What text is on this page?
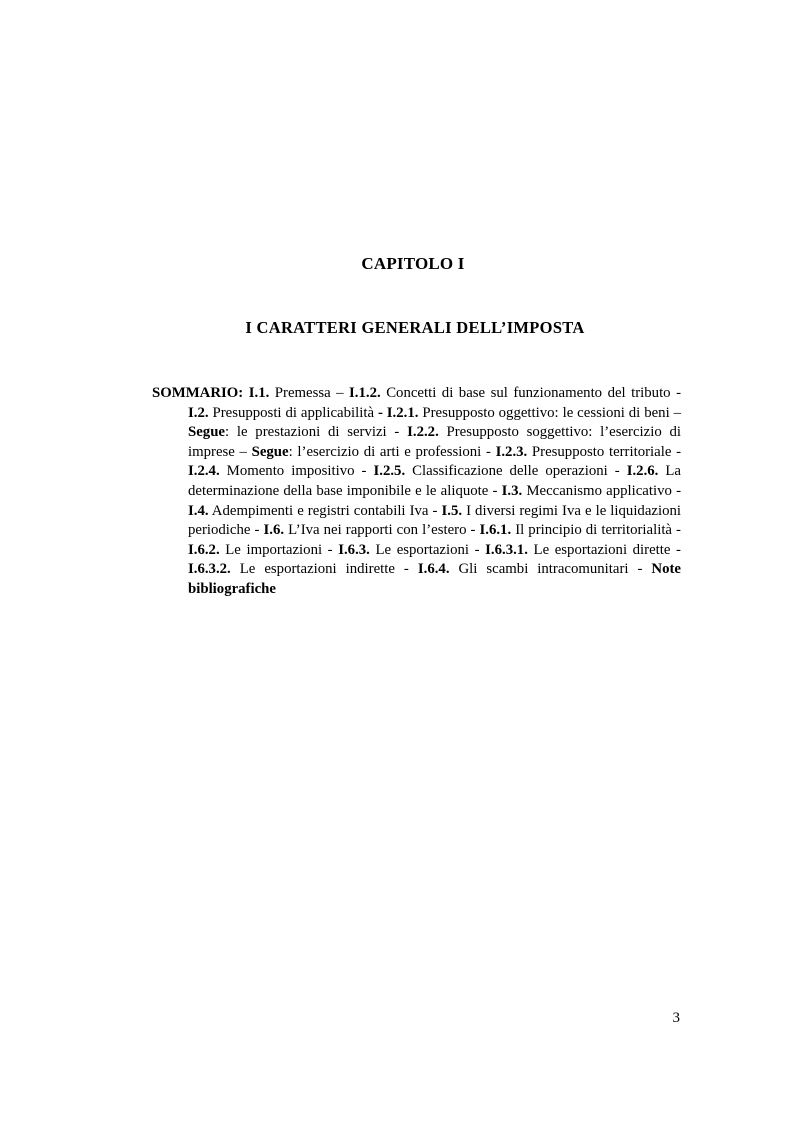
CAPITOLO I
I CARATTERI GENERALI DELL’IMPOSTA

SOMMARIO: I.1. Premessa – I.1.2. Concetti di base sul funzionamento del tributo - I.2. Presupposti di applicabilità - I.2.1. Presupposto oggettivo: le cessioni di beni – Segue: le prestazioni di servizi - I.2.2. Presupposto soggettivo: l’esercizio di imprese – Segue: l’esercizio di arti e professioni - I.2.3. Presupposto territoriale - I.2.4. Momento impositivo - I.2.5. Classificazione delle operazioni - I.2.6. La determinazione della base imponibile e le aliquote - I.3. Meccanismo applicativo - I.4. Adempimenti e registri contabili Iva - I.5. I diversi regimi Iva e le liquidazioni periodiche - I.6. L’Iva nei rapporti con l’estero - I.6.1. Il principio di territorialità - I.6.2. Le importazioni - I.6.3. Le esportazioni - I.6.3.1. Le esportazioni dirette - I.6.3.2. Le esportazioni indirette - I.6.4. Gli scambi intracomunitari - Note bibliografiche

3
